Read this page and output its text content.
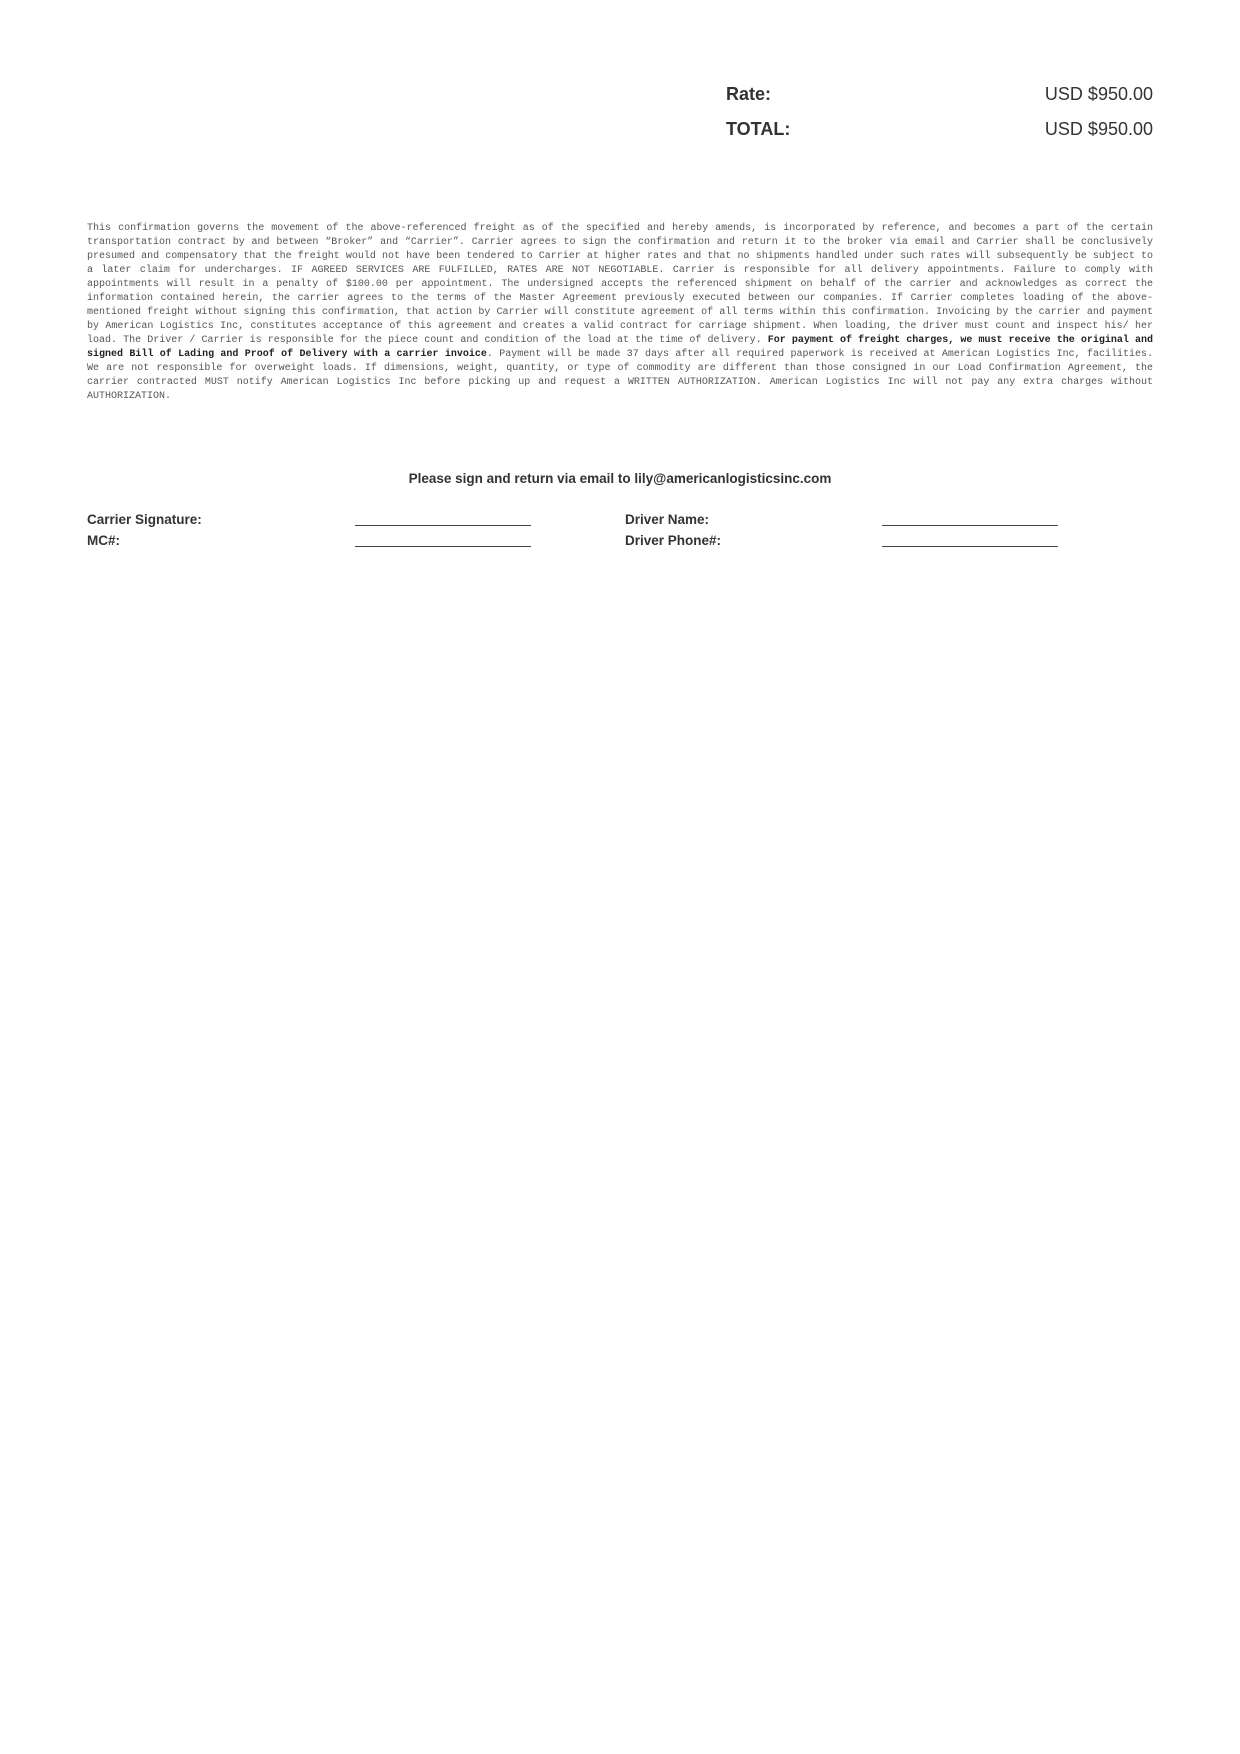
Rate:	USD $950.00
TOTAL:	USD $950.00
This confirmation governs the movement of the above-referenced freight as of the specified and hereby amends, is incorporated by reference, and becomes a part of the certain transportation contract by and between “Broker” and “Carrier”. Carrier agrees to sign the confirmation and return it to the broker via email and Carrier shall be conclusively presumed and compensatory that the freight would not have been tendered to Carrier at higher rates and that no shipments handled under such rates will subsequently be subject to a later claim for undercharges. IF AGREED SERVICES ARE FULFILLED, RATES ARE NOT NEGOTIABLE. Carrier is responsible for all delivery appointments. Failure to comply with appointments will result in a penalty of $100.00 per appointment. The undersigned accepts the referenced shipment on behalf of the carrier and acknowledges as correct the information contained herein, the carrier agrees to the terms of the Master Agreement previously executed between our companies. If Carrier completes loading of the above-mentioned freight without signing this confirmation, that action by Carrier will constitute agreement of all terms within this confirmation. Invoicing by the carrier and payment by American Logistics Inc, constitutes acceptance of this agreement and creates a valid contract for carriage shipment. When loading, the driver must count and inspect his/ her load. The Driver / Carrier is responsible for the piece count and condition of the load at the time of delivery. For payment of freight charges, we must receive the original and signed Bill of Lading and Proof of Delivery with a carrier invoice. Payment will be made 37 days after all required paperwork is received at American Logistics Inc, facilities. We are not responsible for overweight loads. If dimensions, weight, quantity, or type of commodity are different than those consigned in our Load Confirmation Agreement, the carrier contracted MUST notify American Logistics Inc before picking up and request a WRITTEN AUTHORIZATION. American Logistics Inc will not pay any extra charges without AUTHORIZATION.
Please sign and return via email to lily@americanlogisticsinc.com
Carrier Signature:	Driver Name:
MC#:	Driver Phone#:
